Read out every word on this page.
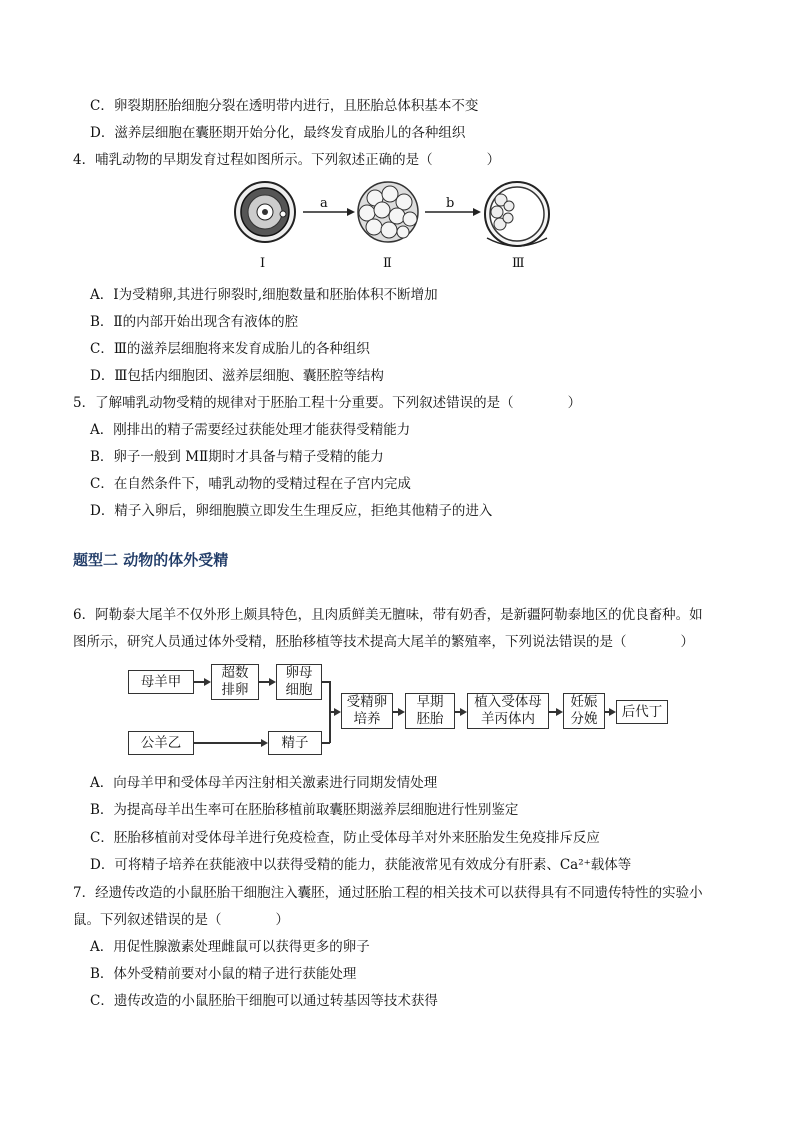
C．卵裂期胚胎细胞分裂在透明带内进行，且胚胎总体积基本不变
D．滋养层细胞在囊胚期开始分化，最终发育成胎儿的各种组织
4．哺乳动物的早期发育过程如图所示。下列叙述正确的是（　　　　）
Ⅰ	Ⅱ	Ⅲ
a	b
A．Ⅰ为受精卵,其进行卵裂时,细胞数量和胚胎体积不断增加
B．Ⅱ的内部开始出现含有液体的腔
C．Ⅲ的滋养层细胞将来发育成胎儿的各种组织
D．Ⅲ包括内细胞团、滋养层细胞、囊胚腔等结构
5．了解哺乳动物受精的规律对于胚胎工程十分重要。下列叙述错误的是（　　　　）
A．刚排出的精子需要经过获能处理才能获得受精能力
B．卵子一般到 MⅡ期时才具备与精子受精的能力
C．在自然条件下，哺乳动物的受精过程在子宫内完成
D．精子入卵后，卵细胞膜立即发生生理反应，拒绝其他精子的进入
题型二 动物的体外受精
6．阿勒泰大尾羊不仅外形上颇具特色，且肉质鲜美无膻味，带有奶香，是新疆阿勒泰地区的优良畜种。如
图所示，研究人员通过体外受精，胚胎移植等技术提高大尾羊的繁殖率，下列说法错误的是（　　　　）
母羊甲
超数
排卵
卵母
细胞
公羊乙	精子
受精卵
培养
早期
胚胎
植入受体母
羊丙体内
妊娠
分娩	后代丁
A．向母羊甲和受体母羊丙注射相关激素进行同期发情处理
B．为提高母羊出生率可在胚胎移植前取囊胚期滋养层细胞进行性别鉴定
C．胚胎移植前对受体母羊进行免疫检查，防止受体母羊对外来胚胎发生免疫排斥反应
D．可将精子培养在获能液中以获得受精的能力，获能液常见有效成分有肝素、Ca²⁺载体等
7．经遗传改造的小鼠胚胎干细胞注入囊胚，通过胚胎工程的相关技术可以获得具有不同遗传特性的实验小
鼠。下列叙述错误的是（　　　　）
A．用促性腺激素处理雌鼠可以获得更多的卵子
B．体外受精前要对小鼠的精子进行获能处理
C．遗传改造的小鼠胚胎干细胞可以通过转基因等技术获得
